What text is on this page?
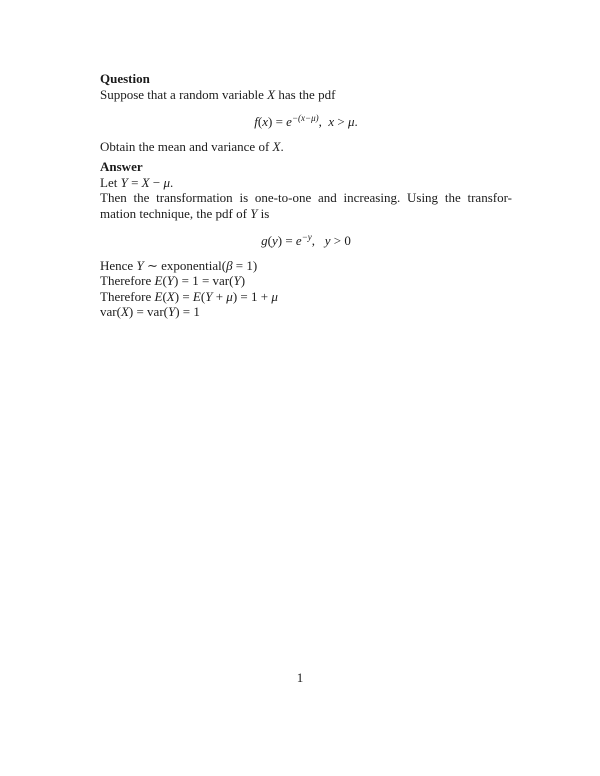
Question
Suppose that a random variable X has the pdf
$f(x) = e^{-(x-\mu)}$,  x > μ.
Obtain the mean and variance of X.
Answer
Let Y = X − μ.
Then the transformation is one-to-one and increasing. Using the transfor-
mation technique, the pdf of Y is
$g(y) = e^{-y}$,   y > 0
Hence Y ∼ exponential(β = 1)
Therefore E(Y) = 1 = var(Y)
Therefore E(X) = E(Y + μ) = 1 + μ
var(X) = var(Y) = 1
1
